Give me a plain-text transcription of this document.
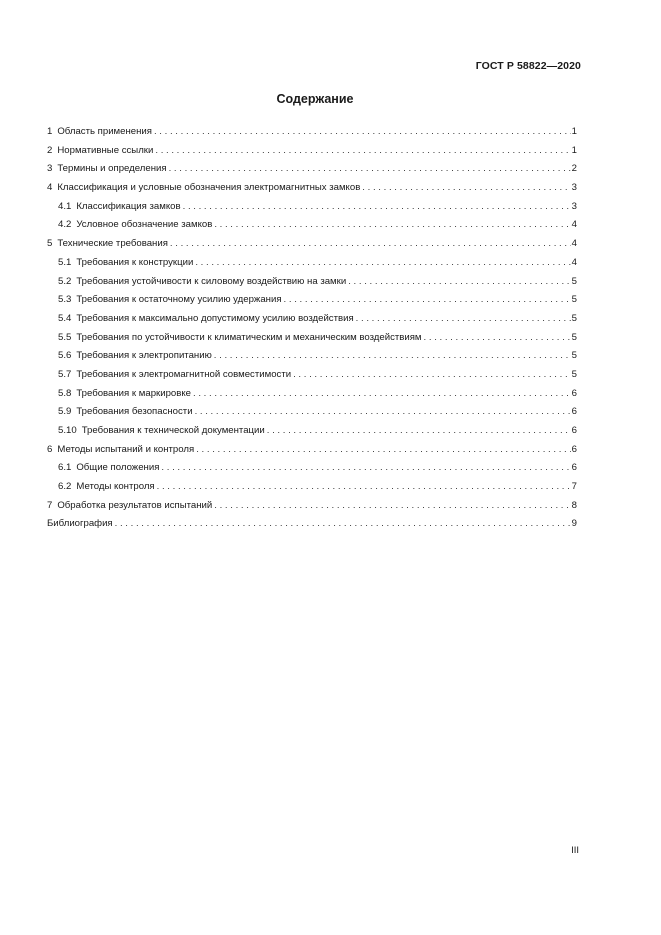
ГОСТ Р 58822—2020
Содержание
1 Область применения . . .	1
2 Нормативные ссылки . . .	1
3 Термины и определения . . .	2
4 Классификация и условные обозначения электромагнитных замков . . .	3
4.1 Классификация замков . . .	3
4.2 Условное обозначение замков . . .	4
5 Технические требования . . .	4
5.1 Требования к конструкции . . .	4
5.2 Требования устойчивости к силовому воздействию на замки . . .	5
5.3 Требования к остаточному усилию удержания . . .	5
5.4 Требования к максимально допустимому усилию воздействия . . .	5
5.5 Требования по устойчивости к климатическим и механическим воздействиям . . .	5
5.6 Требования к электропитанию . . .	5
5.7 Требования к электромагнитной совместимости . . .	5
5.8 Требования к маркировке . . .	6
5.9 Требования безопасности . . .	6
5.10 Требования к технической документации . . .	6
6 Методы испытаний и контроля . . .	6
6.1 Общие положения . . .	6
6.2 Методы контроля . . .	7
7 Обработка результатов испытаний . . .	8
Библиография . . .	9
III
